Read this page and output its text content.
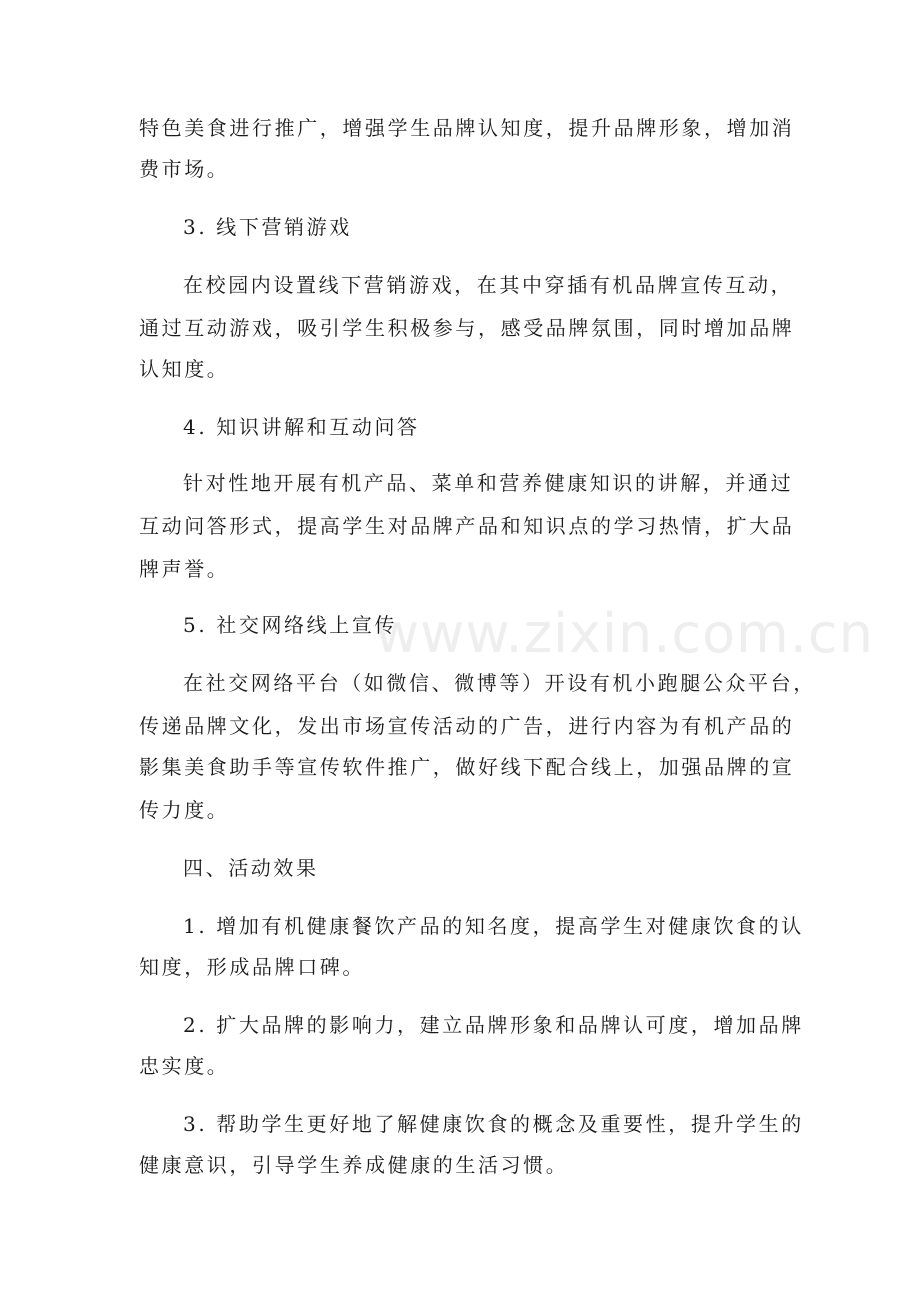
www.zixin.com.cn
特色美食进行推广，增强学生品牌认知度，提升品牌形象，增加消
费市场。
3. 线下营销游戏
在校园内设置线下营销游戏，在其中穿插有机品牌宣传互动，
通过互动游戏，吸引学生积极参与，感受品牌氛围，同时增加品牌
认知度。
4. 知识讲解和互动问答
针对性地开展有机产品、菜单和营养健康知识的讲解，并通过
互动问答形式，提高学生对品牌产品和知识点的学习热情，扩大品
牌声誉。
5. 社交网络线上宣传
在社交网络平台（如微信、微博等）开设有机小跑腿公众平台，
传递品牌文化，发出市场宣传活动的广告，进行内容为有机产品的
影集美食助手等宣传软件推广，做好线下配合线上，加强品牌的宣
传力度。
四、活动效果
1. 增加有机健康餐饮产品的知名度，提高学生对健康饮食的认
知度，形成品牌口碑。
2. 扩大品牌的影响力，建立品牌形象和品牌认可度，增加品牌
忠实度。
3. 帮助学生更好地了解健康饮食的概念及重要性，提升学生的
健康意识，引导学生养成健康的生活习惯。
